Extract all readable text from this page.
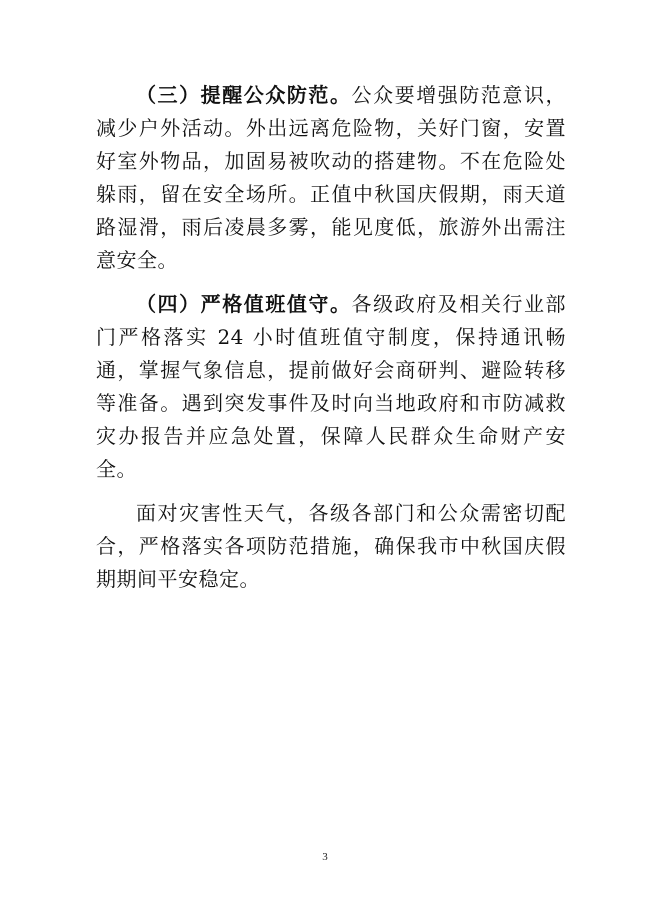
（三）提醒公众防范。公众要增强防范意识，减少户外活动。外出远离危险物，关好门窗，安置好室外物品，加固易被吹动的搭建物。不在危险处躲雨，留在安全场所。正值中秋国庆假期，雨天道路湿滑，雨后凌晨多雾，能见度低，旅游外出需注意安全。

（四）严格值班值守。各级政府及相关行业部门严格落实 24 小时值班值守制度，保持通讯畅通，掌握气象信息，提前做好会商研判、避险转移等准备。遇到突发事件及时向当地政府和市防减救灾办报告并应急处置，保障人民群众生命财产安全。

面对灾害性天气，各级各部门和公众需密切配合，严格落实各项防范措施，确保我市中秋国庆假期期间平安稳定。

3
